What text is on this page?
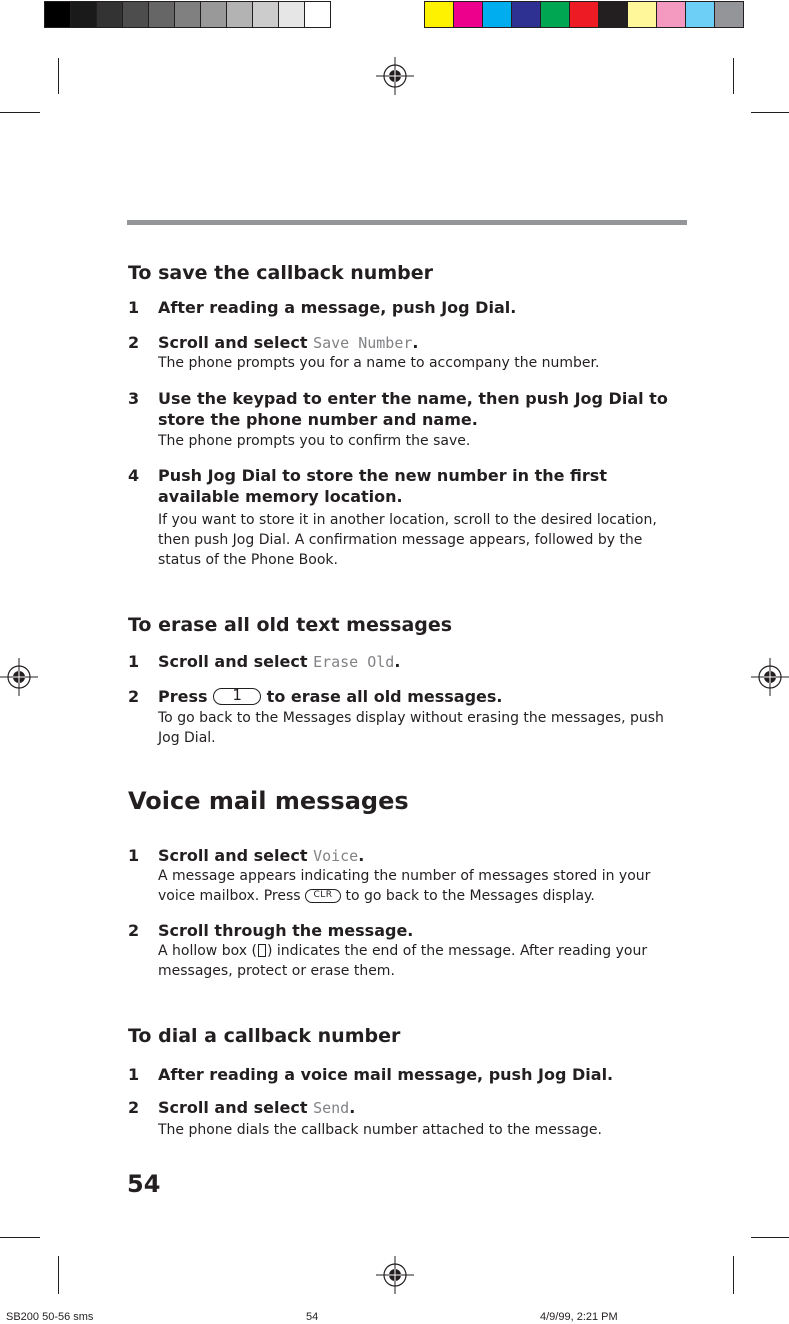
To save the callback number
1 After reading a message, push Jog Dial.
2 Scroll and select Save Number.
The phone prompts you for a name to accompany the number.
3 Use the keypad to enter the name, then push Jog Dial to store the phone number and name.
The phone prompts you to confirm the save.
4 Push Jog Dial to store the new number in the first available memory location.
If you want to store it in another location, scroll to the desired location, then push Jog Dial. A confirmation message appears, followed by the status of the Phone Book.
To erase all old text messages
1 Scroll and select Erase Old.
2 Press	1	to erase all old messages.
To go back to the Messages display without erasing the messages, push Jog Dial.
Voice mail messages
1 Scroll and select Voice.
A message appears indicating the number of messages stored in your voice mailbox. Press CLR to go back to the Messages display.
2 Scroll through the message.
A hollow box ( ) indicates the end of the message. After reading your messages, protect or erase them.
To dial a callback number
1 After reading a voice mail message, push Jog Dial.
2 Scroll and select Send.
The phone dials the callback number attached to the message.
54
SB200 50-56 sms	54	4/9/99, 2:21 PM
